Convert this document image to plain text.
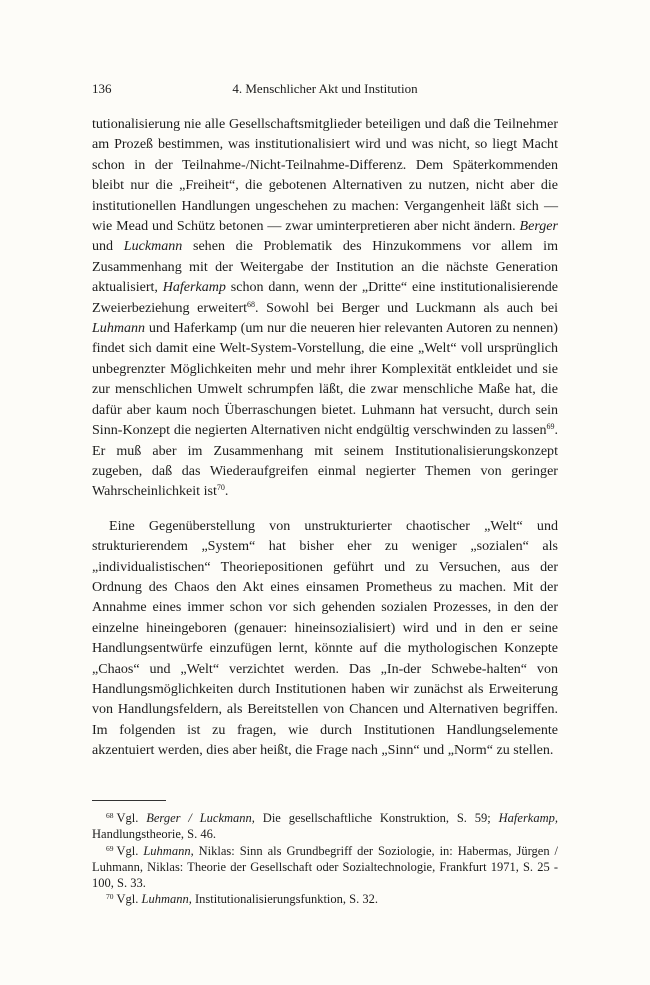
136	4. Menschlicher Akt und Institution

tutionalisierung nie alle Gesellschaftsmitglieder beteiligen und daß die Teilnehmer am Prozeß bestimmen, was institutionalisiert wird und was nicht, so liegt Macht schon in der Teilnahme-/Nicht-Teilnahme-Differenz. Dem Späterkommenden bleibt nur die „Freiheit“, die gebotenen Alternativen zu nutzen, nicht aber die institutionellen Handlungen ungeschehen zu machen: Vergangenheit läßt sich — wie Mead und Schütz betonen — zwar uminterpretieren aber nicht ändern. Berger und Luckmann sehen die Problematik des Hinzukommens vor allem im Zusammenhang mit der Weitergabe der Institution an die nächste Generation aktualisiert, Haferkamp schon dann, wenn der „Dritte“ eine institutionalisierende Zweierbeziehung erweitert$^{68}$. Sowohl bei Berger und Luckmann als auch bei Luhmann und Haferkamp (um nur die neueren hier relevanten Autoren zu nennen) findet sich damit eine Welt-System-Vorstellung, die eine „Welt“ voll ursprünglich unbegrenzter Möglichkeiten mehr und mehr ihrer Komplexität entkleidet und sie zur menschlichen Umwelt schrumpfen läßt, die zwar menschliche Maße hat, die dafür aber kaum noch Überraschungen bietet. Luhmann hat versucht, durch sein Sinn-Konzept die negierten Alternativen nicht endgültig verschwinden zu lassen$^{69}$. Er muß aber im Zusammenhang mit seinem Institutionalisierungskonzept zugeben, daß das Wiederaufgreifen einmal negierter Themen von geringer Wahrscheinlichkeit ist$^{70}$.

Eine Gegenüberstellung von unstrukturierter chaotischer „Welt“ und strukturierendem „System“ hat bisher eher zu weniger „sozialen“ als „individualistischen“ Theoriepositionen geführt und zu Versuchen, aus der Ordnung des Chaos den Akt eines einsamen Prometheus zu machen. Mit der Annahme eines immer schon vor sich gehenden sozialen Prozesses, in den der einzelne hineingeboren (genauer: hineinsozialisiert) wird und in den er seine Handlungsentwürfe einzufügen lernt, könnte auf die mythologischen Konzepte „Chaos“ und „Welt“ verzichtet werden. Das „In-der Schwebe-halten“ von Handlungsmöglichkeiten durch Institutionen haben wir zunächst als Erweiterung von Handlungsfeldern, als Bereitstellen von Chancen und Alternativen begriffen. Im folgenden ist zu fragen, wie durch Institutionen Handlungselemente akzentuiert werden, dies aber heißt, die Frage nach „Sinn“ und „Norm“ zu stellen.

$^{68}$ Vgl. Berger / Luckmann, Die gesellschaftliche Konstruktion, S. 59; Haferkamp, Handlungstheorie, S. 46.

$^{69}$ Vgl. Luhmann, Niklas: Sinn als Grundbegriff der Soziologie, in: Habermas, Jürgen / Luhmann, Niklas: Theorie der Gesellschaft oder Sozialtechnologie, Frankfurt 1971, S. 25 - 100, S. 33.

$^{70}$ Vgl. Luhmann, Institutionalisierungsfunktion, S. 32.
